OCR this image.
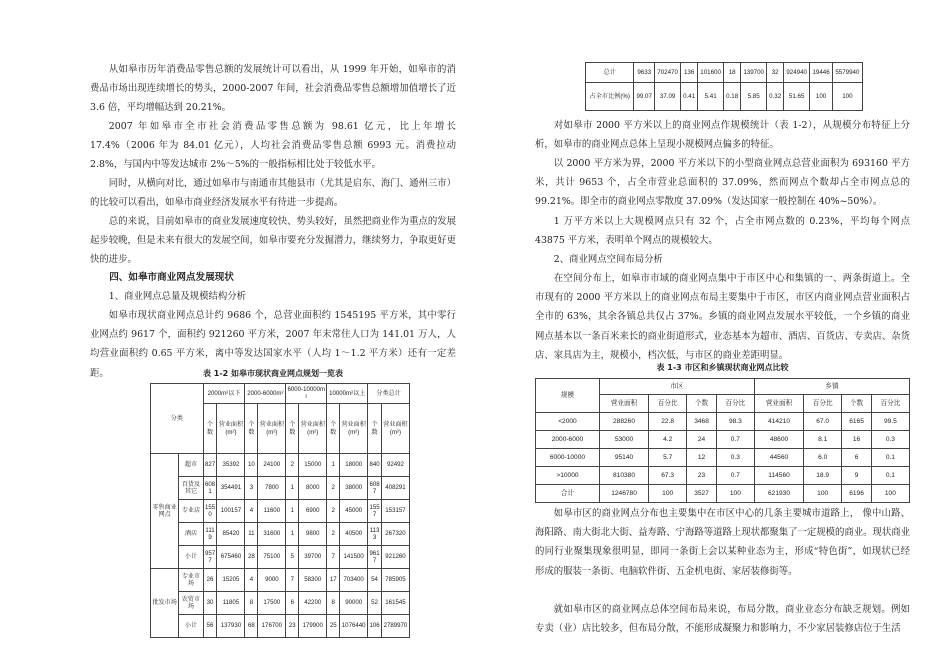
从如皋市历年消费品零售总额的发展统计可以看出，从 1999 年开始，如皋市的消费品市场出现连续增长的势头，2000-2007 年间，社会消费品零售总额增加值增长了近 3.6 倍，平均增幅达到 20.21%。

2007 年如皋市全市社会消费品零售总额为 98.61 亿元，比上年增长 17.4%（2006 年为 84.01 亿元），人均社会消费品零售总额 6993 元。消费拉动 2.8%，与国内中等发达城市 2%～5%的一般指标相比处于较低水平。

同时，从横向对比，通过如皋市与南通市其他县市（尤其是启东、海门、通州三市）的比较可以看出，如皋市商业经济发展水平有待进一步提高。

总的来说，目前如皋市的商业发展速度较快、势头较好，虽然把商业作为重点的发展起步较晚，但是未来有很大的发展空间，如皋市要充分发掘潜力，继续努力，争取更好更快的进步。

四、如皋市商业网点发展现状

1、商业网点总量及规模结构分析

如皋市现状商业网点总计约 9686 个，总营业面积约 1545195 平方米，其中零行业网点约 9617 个，面积约 921260 平方米，2007 年末常住人口为 141.01 万人，人均营业面积约 0.65 平方米，离中等发达国家水平（人均 1～1.2 平方米）还有一定差距。	表 1-2 如皋市现状商业网点规划一览表

分类		2000m²以下		2000-6000m²		6000-10000m²		10000m²以上		分类总计	
		个数	营业面积(m²)	个数	营业面积(m²)	个数	营业面积(m²)	个数	营业面积(m²)	个数	营业面积(m²)
零售商业网点	超市	827	35392	10	24100	2	15000	1	18000	840	92492
	百货及其它	6081	354491	3	7800	1	8000	2	38000	6087	408291
	专业店	1550	100157	4	11600	1	6900	2	45000	1557	153157
	酒店	1119	85420	11	31600	1	9800	2	40500	1133	267320
	小计	9577	675460	28	75100	5	39700	7	141500	9617	921260
批发市场	专业市场	26	15205	4	9000	7	58300	17	703400	54	785905
	农贸市场	30	11805	8	17500	6	42200	8	90000	52	161545
	小计	56	137930	68	176700	23	179900	25	1076440	106	2789970
总计	9633	702470	136	101600	18	139700	32	924940	19446	5579940
占全市比例(%)	99.07	37.09	0.41	5.41	0.18	5.85	0.32	51.65	100	100

对如皋市 2000 平方米以上的商业网点作规模统计（表 1-2），从规模分布特征上分析，如皋市的商业网点总体上呈现小规模网点偏多的特征。

以 2000 平方米为界，2000 平方米以下的小型商业网点总营业面积为 693160 平方米，共计 9653 个，占全市营业总面积的 37.09%，然而网点个数却占全市网点总的 99.21%。即全市的商业网点零散度 37.09%（发达国家一般控制在 40%~50%）。

1 万平方米以上大规模网点只有 32 个，占全市网点数的 0.23%，平均每个网点 43875 平方米，表明单个网点的规模较大。

2、商业网点空间布局分析

在空间分布上，如皋市市域的商业网点集中于市区中心和集镇的一、两条街道上。全市现有的 2000 平方米以上的商业网点布局主要集中于市区，市区内商业网点营业面积占全市的 63%，其余各镇总共仅占 37%。乡镇的商业网点发展水平较低，一个乡镇的商业网点基本以一条百米来长的商业街道形式，业态基本为超市、酒店、百货店、专卖店、杂货店、家具店为主，规模小，档次低，与市区的商业差距明显。

表 1-3 市区和乡镇现状商业网点比较

规模	市区				乡镇			
	营业面积	百分比	个数	百分比	营业面积	百分比	个数	百分比
<2000	288260	22.8	3468	98.3	414210	67.0	6165	99.5
2000-6000	53000	4.2	24	0.7	48600	8.1	16	0.3
6000-10000	95140	5.7	12	0.3	44560	6.0	6	0.1
>10000	810380	67.3	23	0.7	114560	18.9	9	0.1
合计	1246780	100	3527	100	621930	100	6196	100

如皋市区的商业网点分布也主要集中在市区中心的几条主要城市道路上， 像中山路、海阳路、南大街北大街、益寿路、宁海路等道路上现状都聚集了一定规模的商业。现状商业的同行业聚集现象很明显，即同一条街上会以某种业态为主，形成“特色街”，如现状已经形成的服装一条街、电脑软件街、五金机电街、家居装修街等。

就如皋市区的商业网点总体空间布局来说，布局分散，商业业态分布缺乏规划。例如专卖（业）店比较多，但布局分散，不能形成凝聚力和影响力，不少家居装修店位于生活
